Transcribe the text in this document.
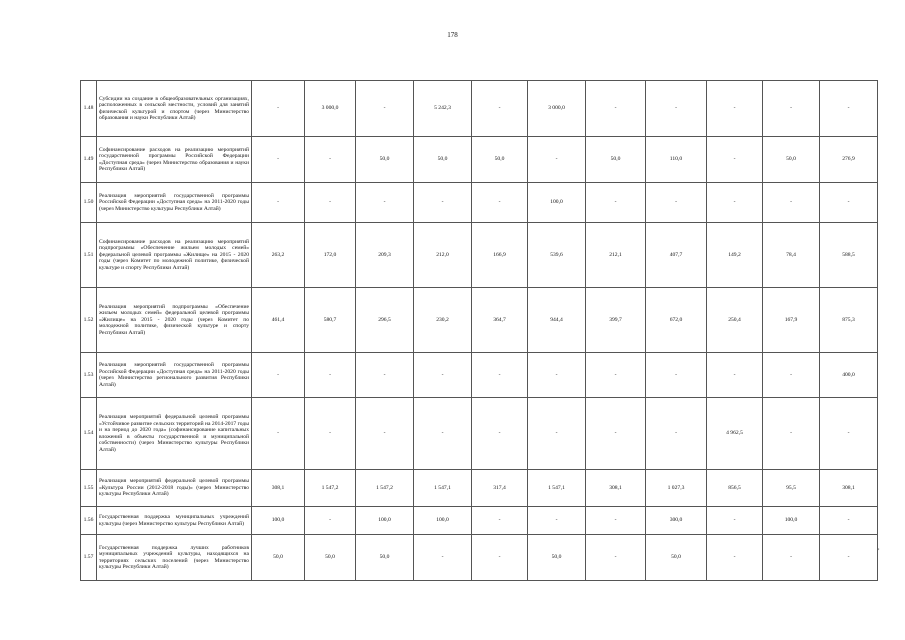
178
1.48	Субсидии на создание в общеобразовательных организациях, расположенных в сельской местности, условий для занятий физической культурой и спортом (через Министерство образования и науки Республики Алтай)	-	3 000,0	-	5 242,3	-	3 000,0	-	-	-	-	-
1.49	Софинансирование расходов на реализацию мероприятий государственной программы Российской Федерации «Доступная среда» (через Министерство образования и науки Республики Алтай)	-	-	50,0	50,0	50,0	-	50,0	110,0	-	50,0	276,9
1.50	Реализация мероприятий государственной программы Российской Федерации «Доступная среда» на 2011-2020 годы (через Министерство культуры Республики Алтай)	-	-	-	-	-	100,0	-	-	-	-	-
1.51	Софинансирование расходов на реализацию мероприятий подпрограммы «Обеспечение жильем молодых семей» федеральной целевой программы «Жилище» на 2015 - 2020 годы (через Комитет по молодежной политике, физической культуре и спорту Республики Алтай)	263,2	172,0	209,3	212,0	166,9	539,6	212,1	407,7	149,2	78,4	588,5
1.52	Реализация мероприятий подпрограммы «Обеспечение жильем молодых семей» федеральной целевой программы «Жилище» на 2015 - 2020 годы (через Комитет по молодежной политике, физической культуре и спорту Республики Алтай)	461,4	580,7	296,5	230,2	364,7	944,4	399,7	672,0	250,4	167,9	875,3
1.53	Реализация мероприятий государственной программы Российской Федерации «Доступная среда» на 2011-2020 годы (через Министерство регионального развития Республики Алтай)	-	-	-	-	-	-	-	-	-	-	400,0
1.54	Реализация мероприятий федеральной целевой программы «Устойчивое развитие сельских территорий на 2014-2017 годы и на период до 2020 года» (софинансирование капитальных вложений в объекты государственной и муниципальной собственности) (через Министерство культуры Республики Алтай)	-	-	-	-	-	-	-	-	4 962,5	-	-
1.55	Реализация мероприятий федеральной целевой программы «Культура России (2012-2018 годы)» (через Министерство культуры Республики Алтай)	308,1	1 547,2	1 547,2	1 547,1	317,4	1 547,1	308,1	1 027,3	856,5	95,5	308,1
1.56	Государственная поддержка муниципальных учреждений культуры (через Министерство культуры Республики Алтай)	100,0	-	100,0	100,0	-	-	-	300,0	-	100,0	-
1.57	Государственная поддержка лучших работников муниципальных учреждений культуры, находящихся на территориях сельских поселений (через Министерство культуры Республики Алтай)	50,0	50,0	50,0	-	-	50,0	-	50,0	-	-	-
,
